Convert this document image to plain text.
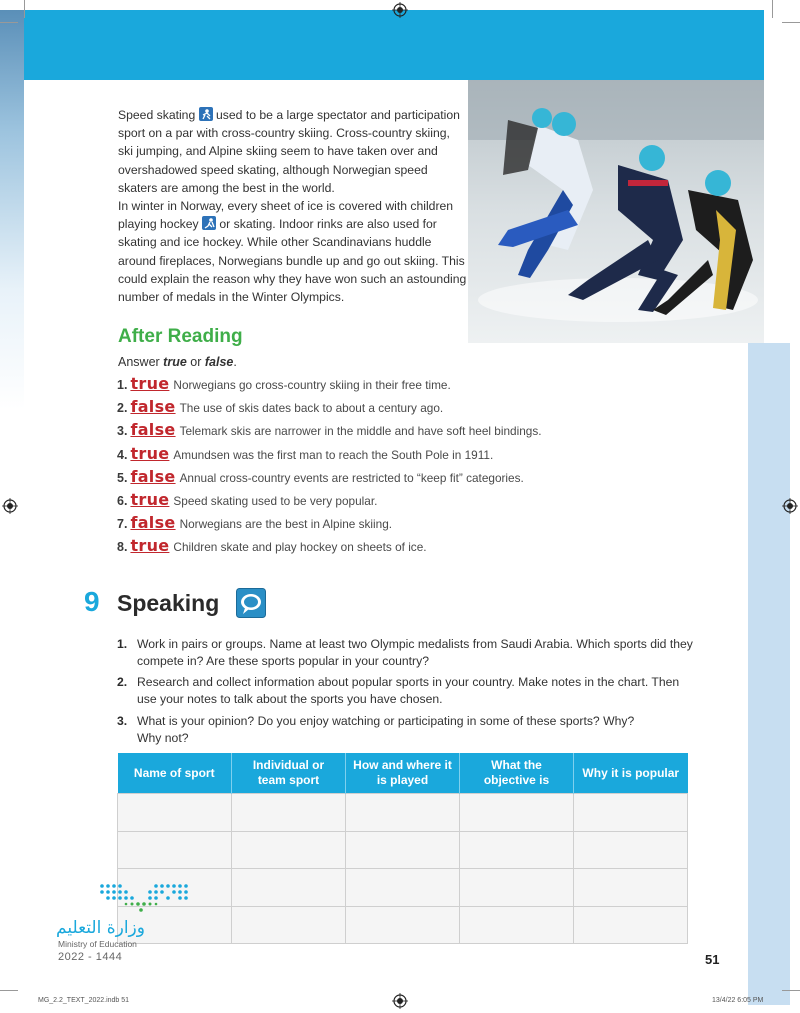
Speed skating used to be a large spectator and participation sport on a par with cross-country skiing. Cross-country skiing, ski jumping, and Alpine skiing seem to have taken over and overshadowed speed skating, although Norwegian speed skaters are among the best in the world.

In winter in Norway, every sheet of ice is covered with children playing hockey or skating. Indoor rinks are also used for skating and ice hockey. While other Scandinavians huddle around fireplaces, Norwegians bundle up and go out skiing. This could explain the reason why they have won such an astounding number of medals in the Winter Olympics.

After Reading
Answer true or false.
1. true Norwegians go cross-country skiing in their free time.
2. false The use of skis dates back to about a century ago.
3. false Telemark skis are narrower in the middle and have soft heel bindings.
4. true Amundsen was the first man to reach the South Pole in 1911.
5. false Annual cross-country events are restricted to “keep fit” categories.
6. true Speed skating used to be very popular.
7. false Norwegians are the best in Alpine skiing.
8. true Children skate and play hockey on sheets of ice.
9 Speaking
1. Work in pairs or groups. Name at least two Olympic medalists from Saudi Arabia. Which sports did they compete in? Are these sports popular in your country?
2. Research and collect information about popular sports in your country. Make notes in the chart. Then use your notes to talk about the sports you have chosen.
3. What is your opinion? Do you enjoy watching or participating in some of these sports? Why? Why not?
Name of sport	Individual or team sport	How and where it is played	What the objective is	Why it is popular

وزارة التعليم
Ministry of Education
2022 - 1444	51
MG_2.2_TEXT_2022.indb 51	13/4/22 6:05 PM
